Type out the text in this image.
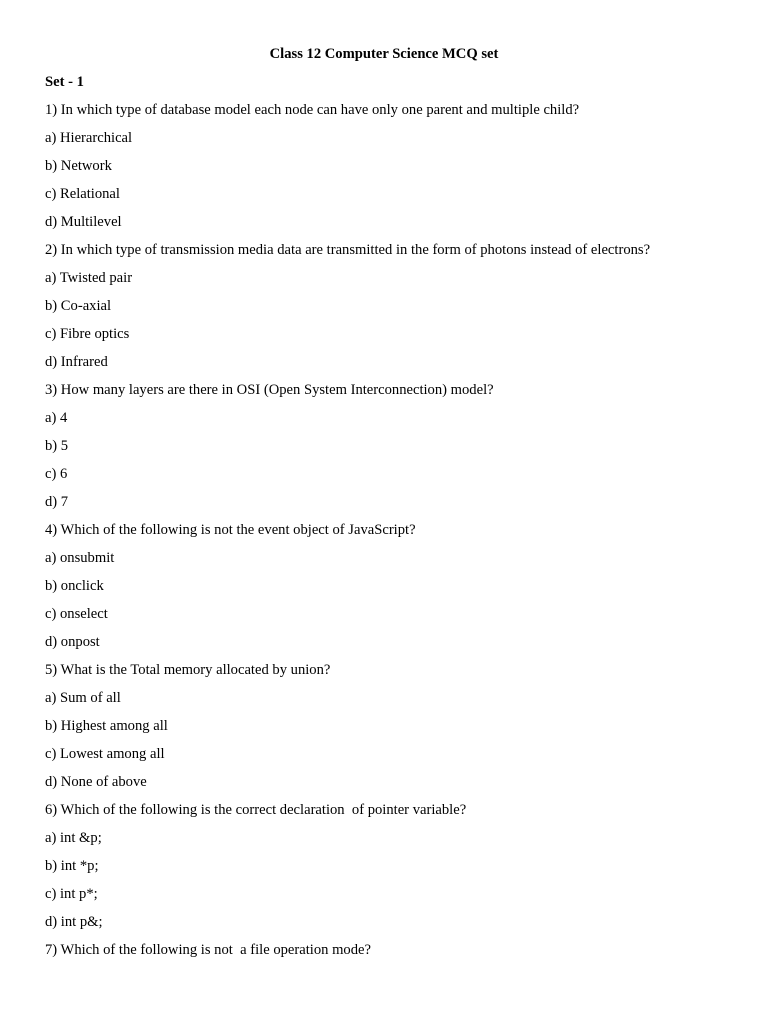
Class 12 Computer Science MCQ set
Set - 1
1) In which type of database model each node can have only one parent and multiple child?
a) Hierarchical
b) Network
c) Relational
d) Multilevel
2) In which type of transmission media data are transmitted in the form of photons instead of electrons?
a) Twisted pair
b) Co-axial
c) Fibre optics
d) Infrared
3) How many layers are there in OSI (Open System Interconnection) model?
a) 4
b) 5
c) 6
d) 7
4) Which of the following is not the event object of JavaScript?
a) onsubmit
b) onclick
c) onselect
d) onpost
5) What is the Total memory allocated by union?
a) Sum of all
b) Highest among all
c) Lowest among all
d) None of above
6) Which of the following is the correct declaration  of pointer variable?
a) int &p;
b) int *p;
c) int p*;
d) int p&;
7) Which of the following is not  a file operation mode?
